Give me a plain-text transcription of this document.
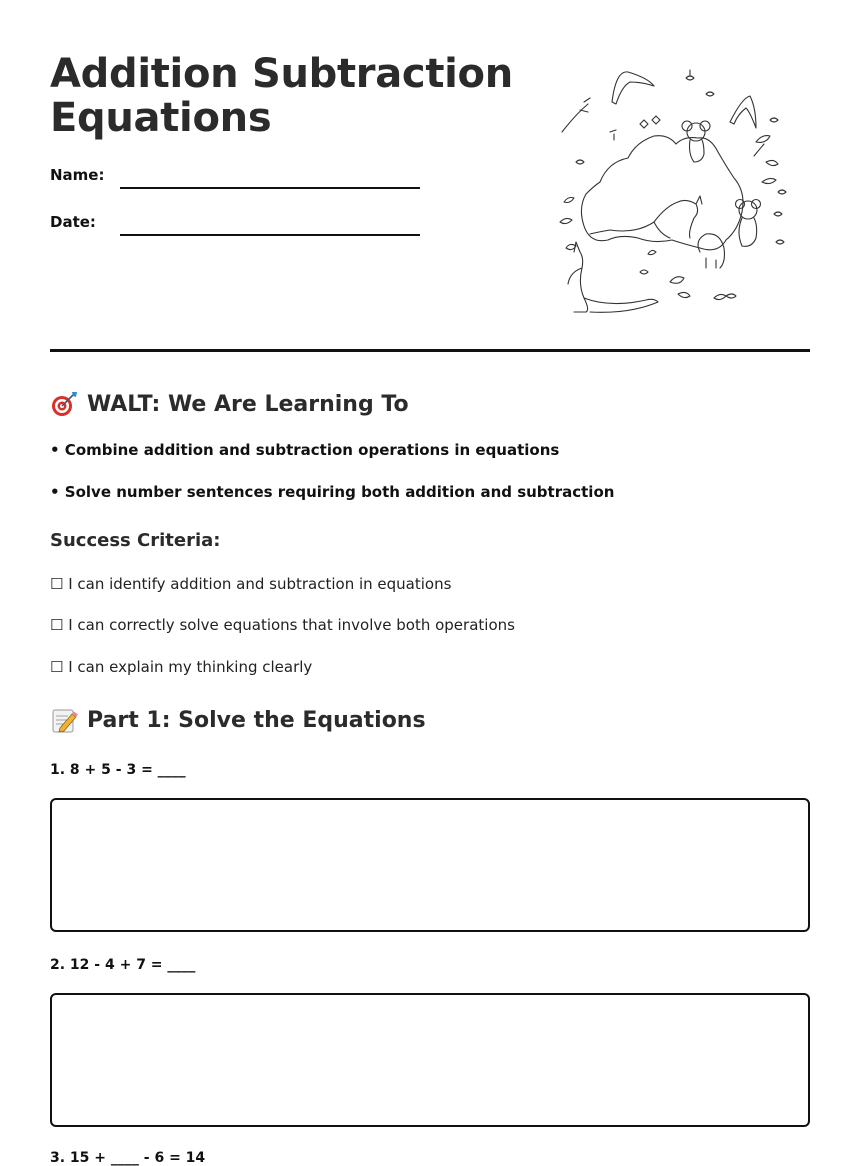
Addition Subtraction
Equations
Name:
Date:
WALT: We Are Learning To
• Combine addition and subtraction operations in equations
• Solve number sentences requiring both addition and subtraction
Success Criteria:
☐ I can identify addition and subtraction in equations
☐ I can correctly solve equations that involve both operations
☐ I can explain my thinking clearly
Part 1: Solve the Equations
1. 8 + 5 - 3 = ____
2. 12 - 4 + 7 = ____
3. 15 + ____ - 6 = 14
